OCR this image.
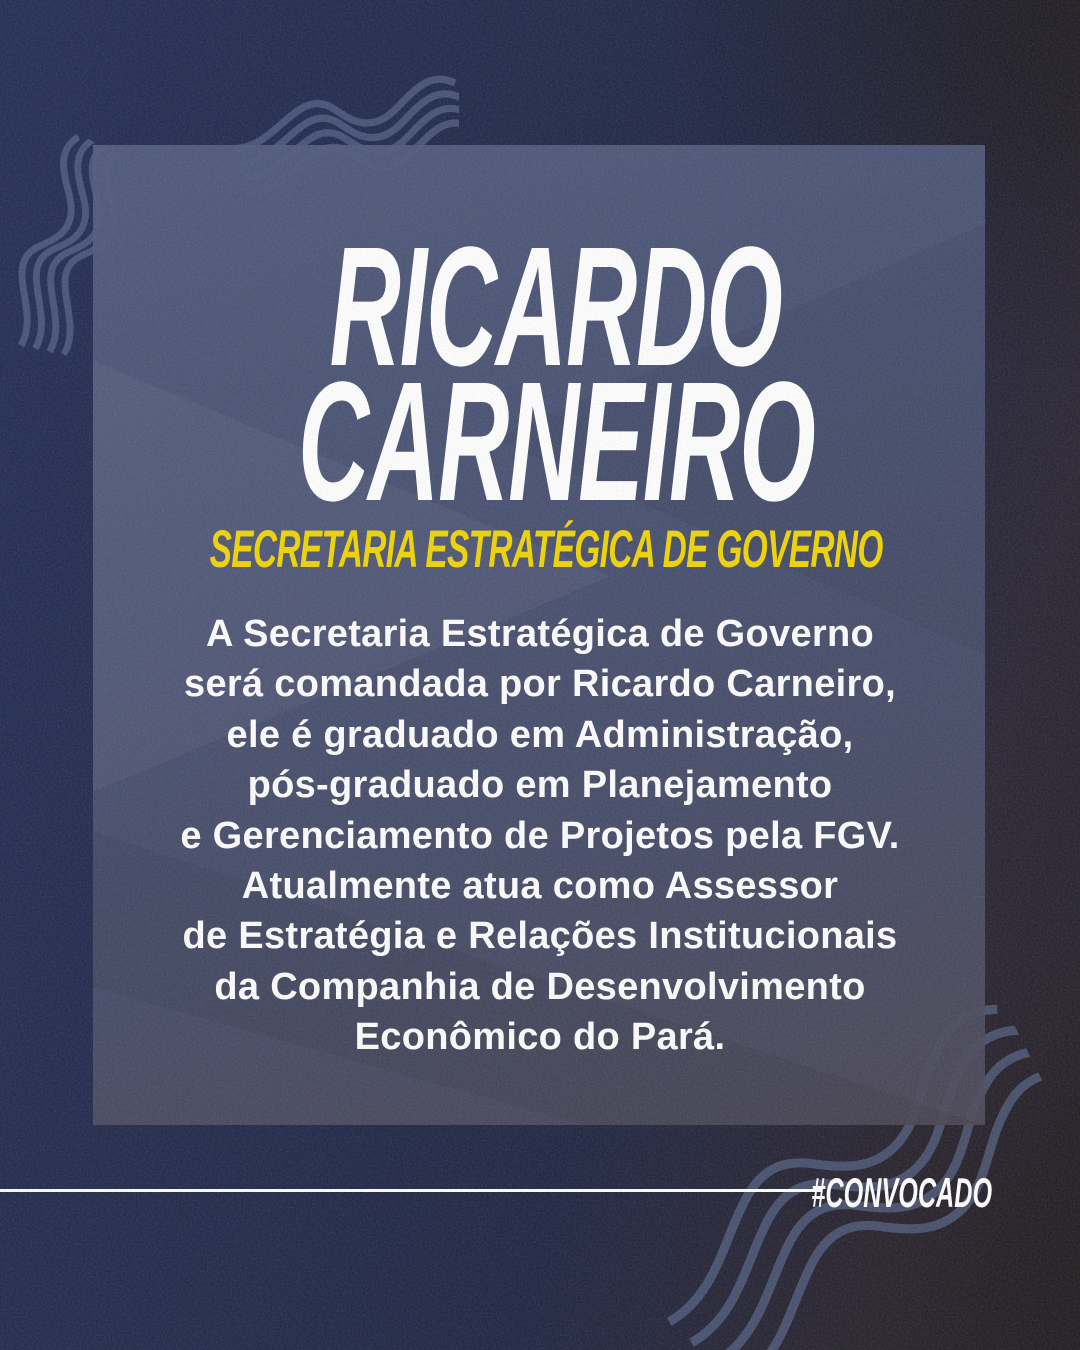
RICARDO
CARNEIRO
SECRETARIA ESTRATÉGICA DE GOVERNO
A Secretaria Estratégica de Governo
será comandada por Ricardo Carneiro,
ele é graduado em Administração,
pós-graduado em Planejamento
e Gerenciamento de Projetos pela FGV.
Atualmente atua como Assessor
de Estratégia e Relações Institucionais
da Companhia de Desenvolvimento
Econômico do Pará.
#CONVOCADO
